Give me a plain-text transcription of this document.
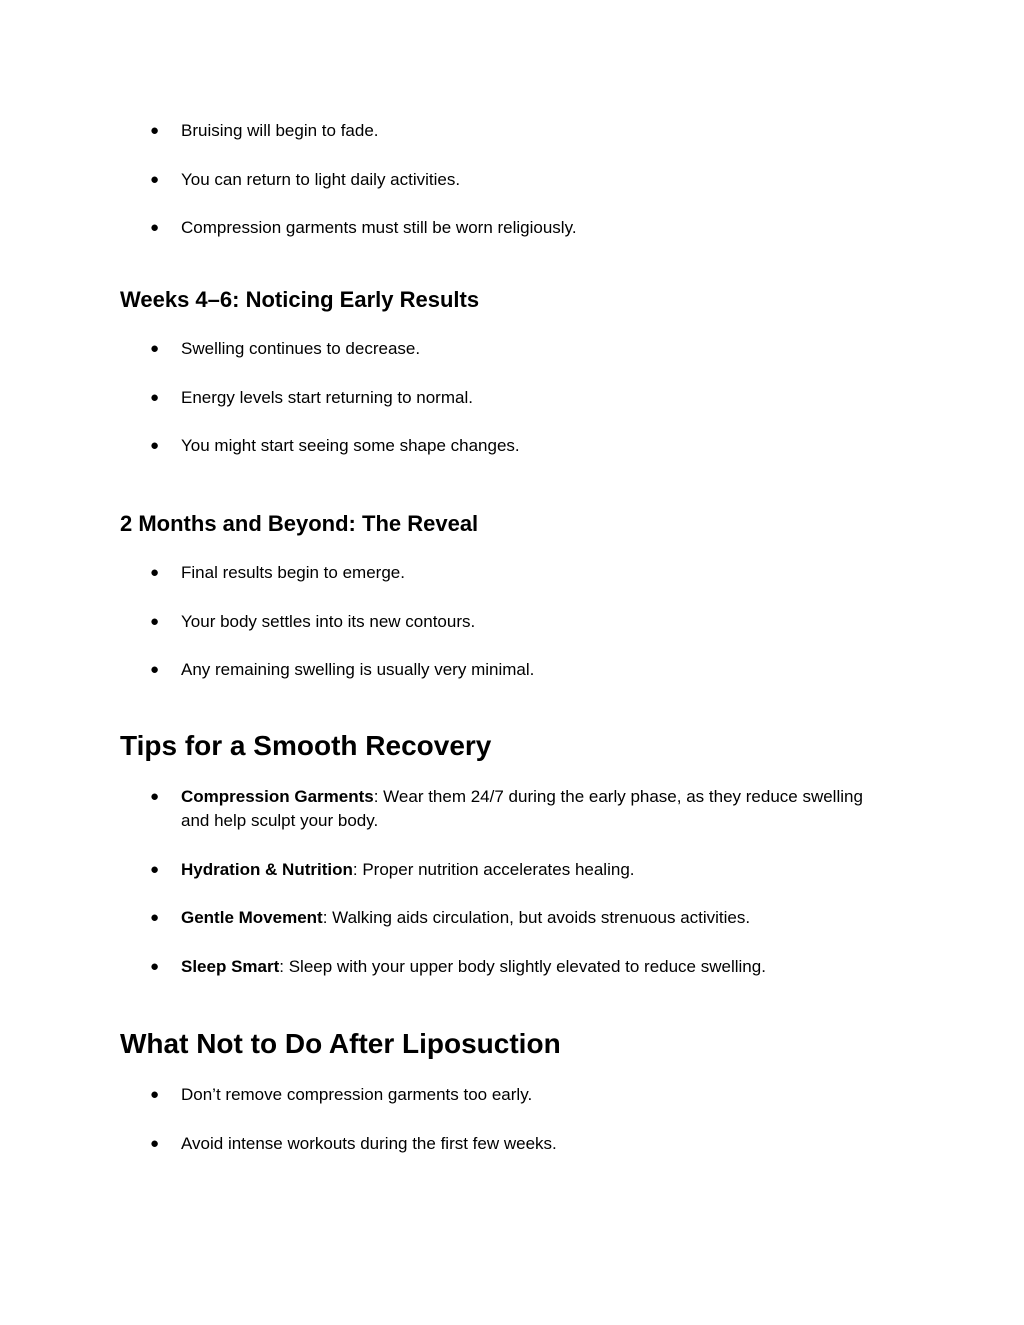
● Bruising will begin to fade.
● You can return to light daily activities.
● Compression garments must still be worn religiously.
Weeks 4–6: Noticing Early Results
● Swelling continues to decrease.
● Energy levels start returning to normal.
● You might start seeing some shape changes.
2 Months and Beyond: The Reveal
● Final results begin to emerge.
● Your body settles into its new contours.
● Any remaining swelling is usually very minimal.
Tips for a Smooth Recovery
● Compression Garments: Wear them 24/7 during the early phase, as they reduce swelling and help sculpt your body.
● Hydration & Nutrition: Proper nutrition accelerates healing.
● Gentle Movement: Walking aids circulation, but avoids strenuous activities.
● Sleep Smart: Sleep with your upper body slightly elevated to reduce swelling.
What Not to Do After Liposuction
● Don’t remove compression garments too early.
● Avoid intense workouts during the first few weeks.
